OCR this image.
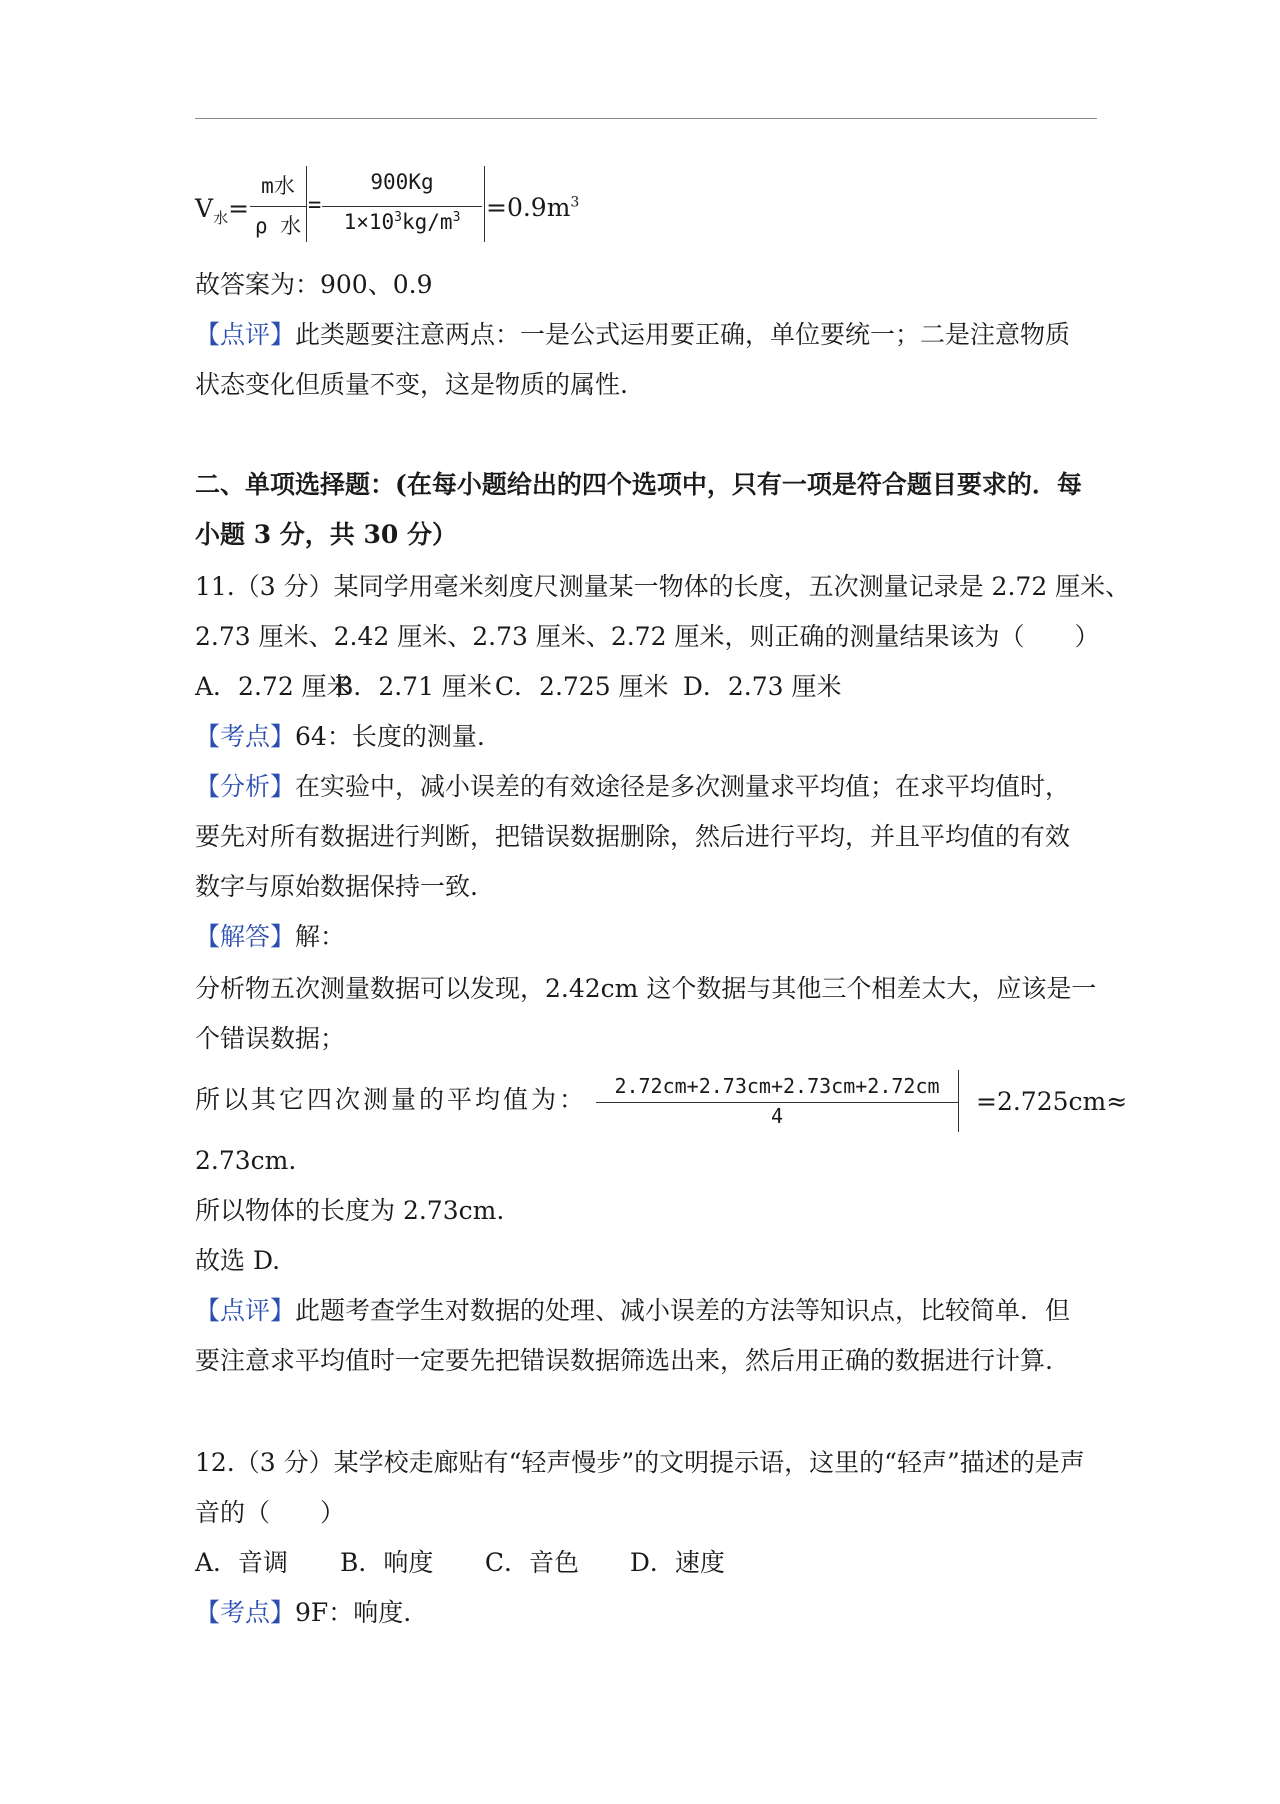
$V_水=$
m水
ρ 水
=
900Kg
$1\times 10^3kg/m^3$	$=0.9m^3$
故答案为：900、0.9
【点评】此类题要注意两点：一是公式运用要正确，单位要统一；二是注意物质
状态变化但质量不变，这是物质的属性.
二、单项选择题：(在每小题给出的四个选项中，只有一项是符合题目要求的．每
小题 3 分，共 30 分）
11.（3 分）某同学用毫米刻度尺测量某一物体的长度，五次测量记录是 2.72 厘米、
2.73 厘米、2.42 厘米、2.73 厘米、2.72 厘米，则正确的测量结果该为（　　）
A．2.72 厘米 B．2.71 厘米 C．2.725 厘米 D．2.73 厘米
【考点】64：长度的测量.
【分析】在实验中，减小误差的有效途径是多次测量求平均值；在求平均值时，
要先对所有数据进行判断，把错误数据删除，然后进行平均，并且平均值的有效
数字与原始数据保持一致.
【解答】解：
分析物五次测量数据可以发现，2.42cm 这个数据与其他三个相差太大，应该是一
个错误数据；
所以其它四次测量的平均值为：	2.72cm+2.73cm+2.73cm+2.72cm
4	=2.725cm≈
2.73cm.
所以物体的长度为 2.73cm.
故选 D.
【点评】此题考查学生对数据的处理、减小误差的方法等知识点，比较简单．但
要注意求平均值时一定要先把错误数据筛选出来，然后用正确的数据进行计算.
12.（3 分）某学校走廊贴有“轻声慢步”的文明提示语，这里的“轻声”描述的是声
音的（　　）
A．音调 B．响度 C．音色 D．速度
【考点】9F：响度.
